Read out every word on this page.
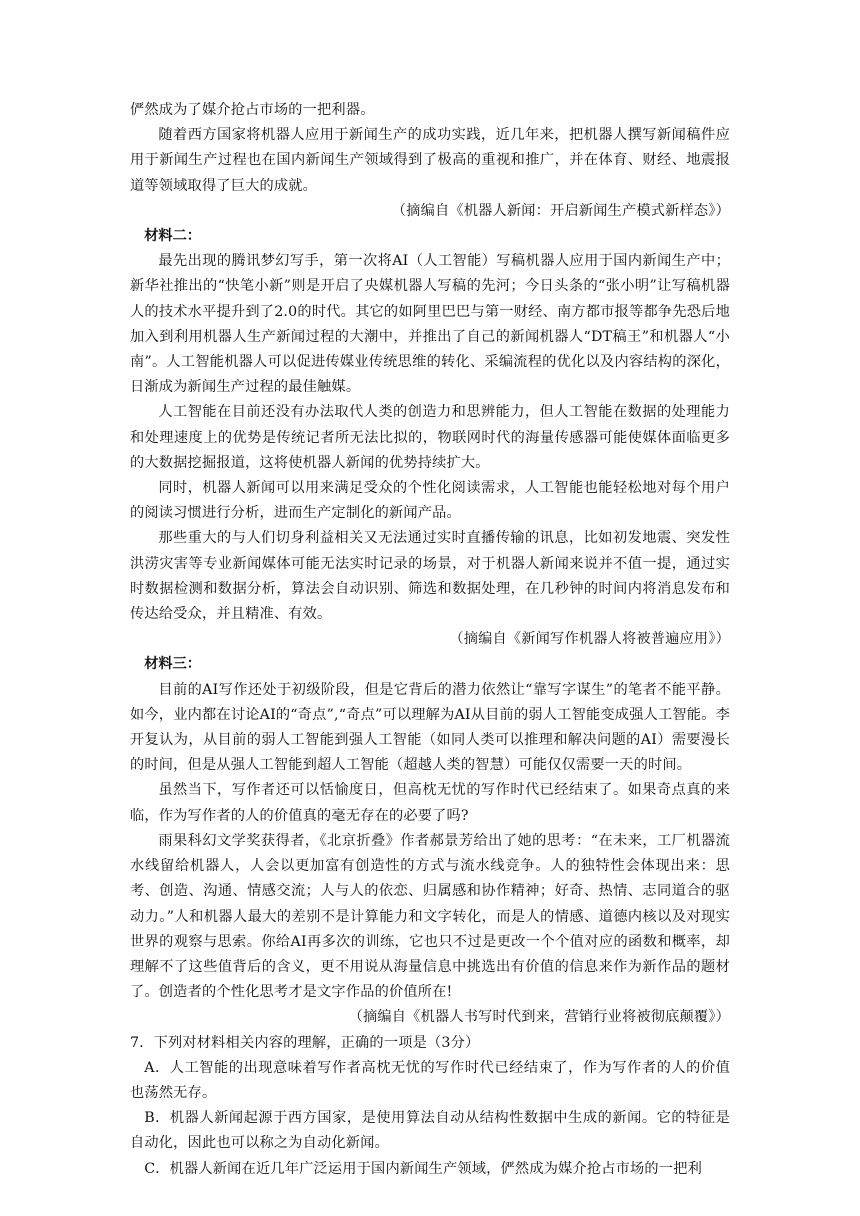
俨然成为了媒介抢占市场的一把利器。

随着西方国家将机器人应用于新闻生产的成功实践，近几年来，把机器人撰写新闻稿件应用于新闻生产过程也在国内新闻生产领域得到了极高的重视和推广，并在体育、财经、地震报道等领域取得了巨大的成就。

（摘编自《机器人新闻：开启新闻生产模式新样态》）

材料二：

最先出现的腾讯梦幻写手，第一次将AI（人工智能）写稿机器人应用于国内新闻生产中；新华社推出的“快笔小新”则是开启了央媒机器人写稿的先河；今日头条的“张小明”让写稿机器人的技术水平提升到了2.0的时代。其它的如阿里巴巴与第一财经、南方都市报等都争先恐后地加入到利用机器人生产新闻过程的大潮中，并推出了自己的新闻机器人“DT稿王”和机器人“小南”。人工智能机器人可以促进传媒业传统思维的转化、采编流程的优化以及内容结构的深化，日渐成为新闻生产过程的最佳触媒。

人工智能在目前还没有办法取代人类的创造力和思辨能力，但人工智能在数据的处理能力和处理速度上的优势是传统记者所无法比拟的，物联网时代的海量传感器可能使媒体面临更多的大数据挖掘报道，这将使机器人新闻的优势持续扩大。

同时，机器人新闻可以用来满足受众的个性化阅读需求，人工智能也能轻松地对每个用户的阅读习惯进行分析，进而生产定制化的新闻产品。

那些重大的与人们切身利益相关又无法通过实时直播传输的讯息，比如初发地震、突发性洪涝灾害等专业新闻媒体可能无法实时记录的场景，对于机器人新闻来说并不值一提，通过实时数据检测和数据分析，算法会自动识别、筛选和数据处理，在几秒钟的时间内将消息发布和传达给受众，并且精准、有效。

（摘编自《新闻写作机器人将被普遍应用》）

材料三：

目前的AI写作还处于初级阶段，但是它背后的潜力依然让“靠写字谋生”的笔者不能平静。如今，业内都在讨论AI的“奇点”,“奇点”可以理解为AI从目前的弱人工智能变成强人工智能。李开复认为，从目前的弱人工智能到强人工智能（如同人类可以推理和解决问题的AI）需要漫长的时间，但是从强人工智能到超人工智能（超越人类的智慧）可能仅仅需要一天的时间。

虽然当下，写作者还可以恬愉度日，但高枕无忧的写作时代已经结束了。如果奇点真的来临，作为写作者的人的价值真的毫无存在的必要了吗?

雨果科幻文学奖获得者，《北京折叠》作者郝景芳给出了她的思考：“在未来，工厂机器流水线留给机器人，人会以更加富有创造性的方式与流水线竞争。人的独特性会体现出来：思考、创造、沟通、情感交流；人与人的依恋、归属感和协作精神；好奇、热情、志同道合的驱动力。”人和机器人最大的差别不是计算能力和文字转化，而是人的情感、道德内核以及对现实世界的观察与思索。你给AI再多次的训练，它也只不过是更改一个个值对应的函数和概率，却理解不了这些值背后的含义，更不用说从海量信息中挑选出有价值的信息来作为新作品的题材了。创造者的个性化思考才是文字作品的价值所在!

（摘编自《机器人书写时代到来，营销行业将被彻底颠覆》）

7．下列对材料相关内容的理解，正确的一项是（3分）

A．人工智能的出现意味着写作者高枕无忧的写作时代已经结束了，作为写作者的人的价值也荡然无存。

B．机器人新闻起源于西方国家，是使用算法自动从结构性数据中生成的新闻。它的特征是自动化，因此也可以称之为自动化新闻。

C．机器人新闻在近几年广泛运用于国内新闻生产领域，俨然成为媒介抢占市场的一把利
